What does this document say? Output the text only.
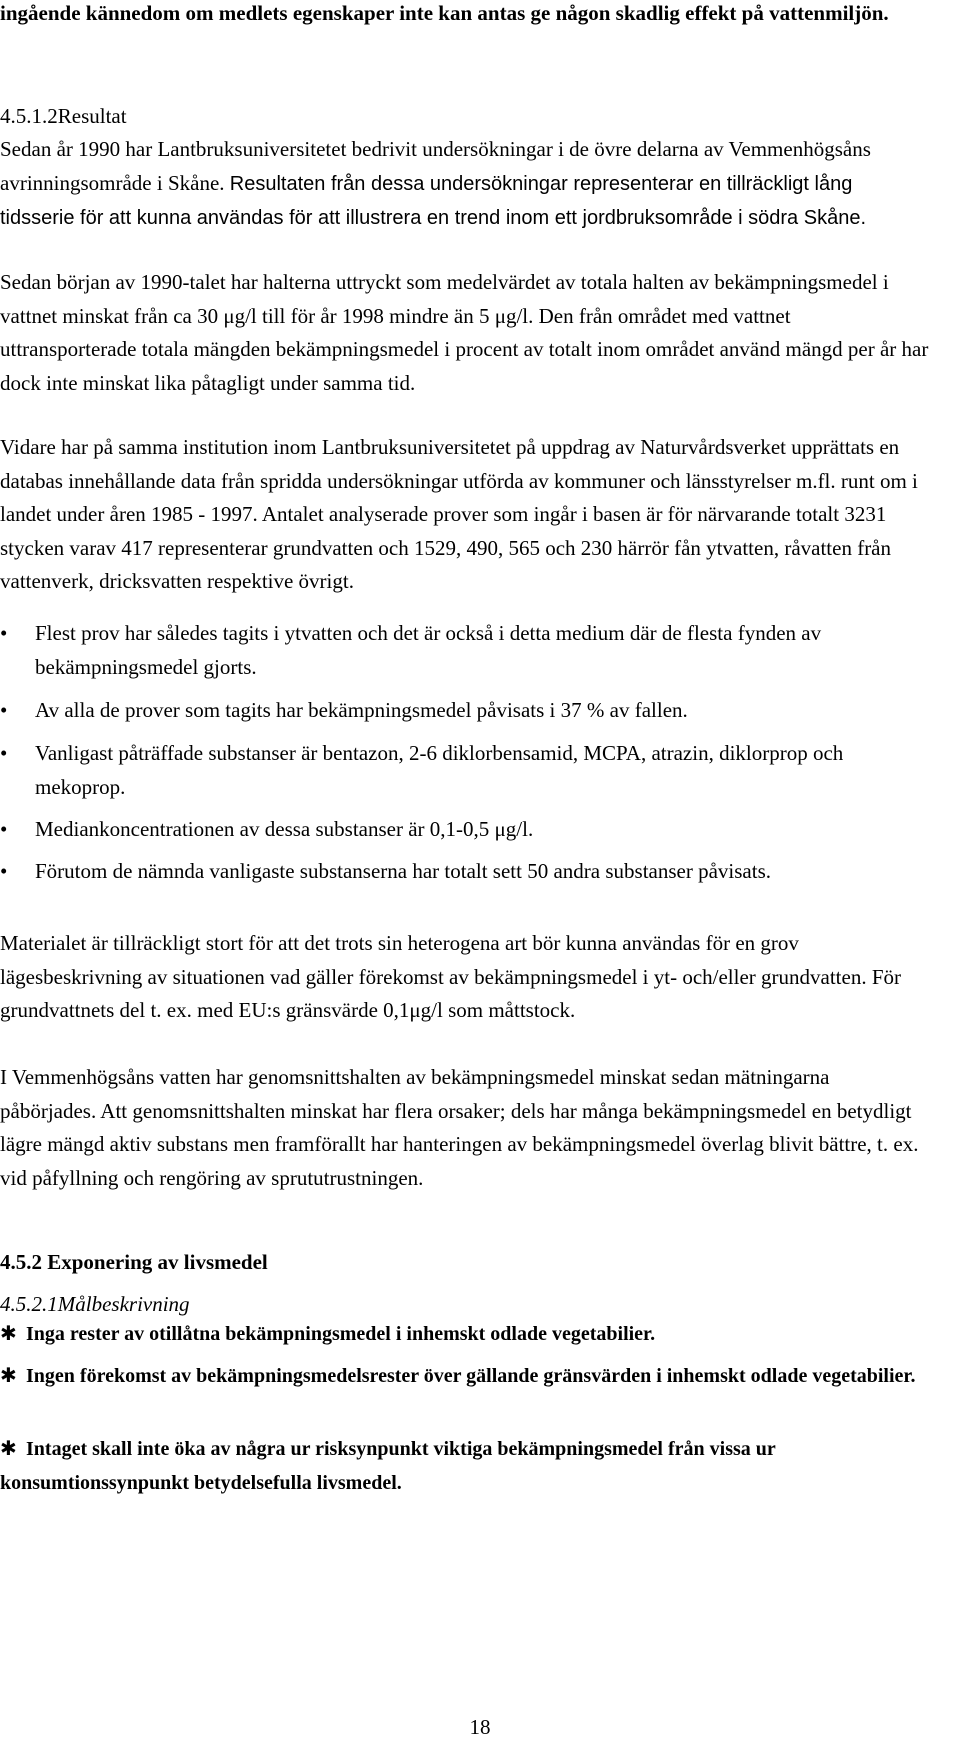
ingående kännedom om medlets egenskaper inte kan antas ge någon skadlig effekt på vattenmiljön.

4.5.1.2Resultat

Sedan år 1990 har Lantbruksuniversitetet bedrivit undersökningar i de övre delarna av Vemmenhögsåns avrinningsområde i Skåne. Resultaten från dessa undersökningar representerar en tillräckligt lång tidsserie för att kunna användas för att illustrera en trend inom ett jordbruksområde i södra Skåne.

Sedan början av 1990-talet har halterna uttryckt som medelvärdet av totala halten av bekämpningsmedel i vattnet minskat från ca 30 μg/l till för år 1998 mindre än 5 μg/l. Den från området med vattnet uttransporterade totala mängden bekämpningsmedel i procent av totalt inom området använd mängd per år har dock inte minskat lika påtagligt under samma tid.

Vidare har på samma institution inom Lantbruksuniversitetet på uppdrag av Naturvårdsverket upprättats en databas innehållande data från spridda undersökningar utförda av kommuner och länsstyrelser m.fl. runt om i landet under åren 1985 - 1997. Antalet analyserade prover som ingår i basen är för närvarande totalt 3231 stycken varav 417 representerar grundvatten och 1529, 490, 565 och 230 härrör fån ytvatten, råvatten från vattenverk, dricksvatten respektive övrigt.

• Flest prov har således tagits i ytvatten och det är också i detta medium där de flesta fynden av bekämpningsmedel gjorts.

• Av alla de prover som tagits har bekämpningsmedel påvisats i 37 % av fallen.

• Vanligast påträffade substanser är bentazon, 2-6 diklorbensamid, MCPA, atrazin, diklorprop och mekoprop.

• Mediankoncentrationen av dessa substanser är 0,1-0,5 μg/l.

• Förutom de nämnda vanligaste substanserna har totalt sett 50 andra substanser påvisats.

Materialet är tillräckligt stort för att det trots sin heterogena art bör kunna användas för en grov lägesbeskrivning av situationen vad gäller förekomst av bekämpningsmedel i yt- och/eller grundvatten. För grundvattnets del t. ex. med EU:s gränsvärde 0,1μg/l som måttstock.

I Vemmenhögsåns vatten har genomsnittshalten av bekämpningsmedel minskat sedan mätningarna påbörjades. Att genomsnittshalten minskat har flera orsaker; dels har många bekämpningsmedel en betydligt lägre mängd aktiv substans men framförallt har hanteringen av bekämpningsmedel överlag blivit bättre, t. ex. vid påfyllning och rengöring av sprututrustningen.

4.5.2 Exponering av livsmedel

4.5.2.1Målbeskrivning

✱ Inga rester av otillåtna bekämpningsmedel i inhemskt odlade vegetabilier.

✱ Ingen förekomst av bekämpningsmedelsrester över gällande gränsvärden i inhemskt odlade vegetabilier.

✱ Intaget skall inte öka av några ur risksynpunkt viktiga bekämpningsmedel från vissa ur konsumtionssynpunkt betydelsefulla livsmedel.

18
